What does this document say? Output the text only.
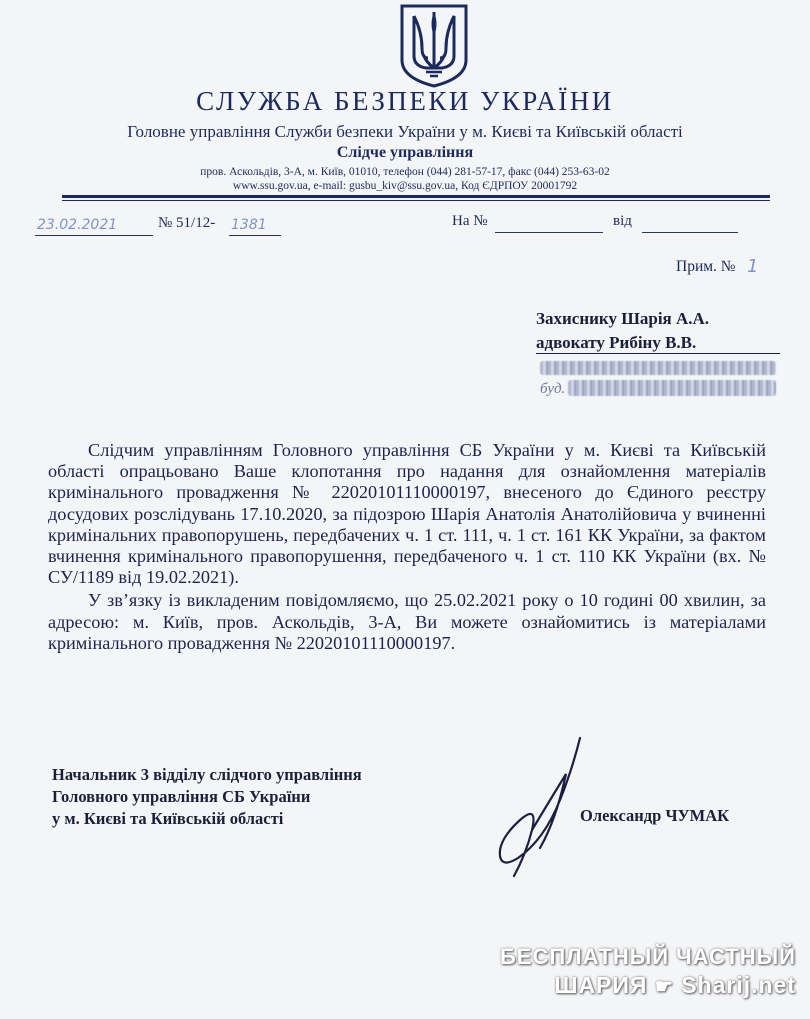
СЛУЖБА БЕЗПЕКИ УКРАЇНИ
Головне управління Служби безпеки України у м. Києві та Київській області
Слідче управління
пров. Аскольдів, 3-А, м. Київ, 01010, телефон (044) 281-57-17, факс (044) 253-63-02
www.ssu.gov.ua, e-mail: gusbu_kiv@ssu.gov.ua, Код ЄДРПОУ 20001792
23.02.2021	№ 51/12- 1381	На №	від
Прим. № 1
Захиснику Шарія А.А.
адвокату Рибіну В.В.
буд.

Слідчим управлінням Головного управління СБ України у м. Києві та Київській області опрацьовано Ваше клопотання про надання для ознайомлення матеріалів кримінального провадження № 22020101110000197, внесеного до Єдиного реєстру досудових розслідувань 17.10.2020, за підозрою Шарія Анатолія Анатолійовича у вчиненні кримінальних правопорушень, передбачених ч. 1 ст. 111, ч. 1 ст. 161 КК України, за фактом вчинення кримінального правопорушення, передбаченого ч. 1 ст. 110 КК України (вх. № СУ/1189 від 19.02.2021).

У зв’язку із викладеним повідомляємо, що 25.02.2021 року о 10 годині 00 хвилин, за адресою: м. Київ, пров. Аскольдів, 3-А, Ви можете ознайомитись із матеріалами кримінального провадження № 22020101110000197.

Начальник 3 відділу слідчого управління
Головного управління СБ України
у м. Києві та Київській області	Олександр ЧУМАК
БЕСПЛАТНЫЙ ЧАСТНЫЙ
ШАРИЯ ☛ Sharij.net
